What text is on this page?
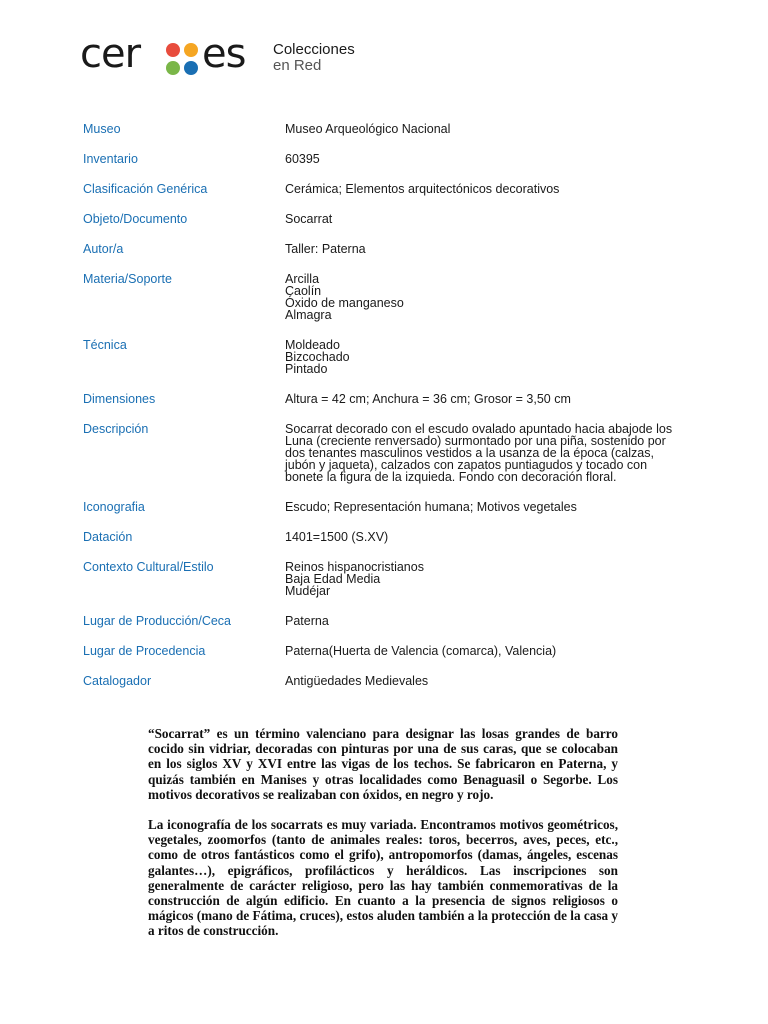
cer es Colecciones
en Red
Museo	Museo Arqueológico Nacional
Inventario	60395
Clasificación Genérica	Cerámica; Elementos arquitectónicos decorativos
Objeto/Documento	Socarrat
Autor/a	Taller: Paterna
Materia/Soporte	Arcilla
Caolín
Óxido de manganeso
Almagra
Técnica	Moldeado
Bizcochado
Pintado
Dimensiones	Altura = 42 cm; Anchura = 36 cm; Grosor = 3,50 cm
Descripción	Socarrat decorado con el escudo ovalado apuntado hacia abajode los
Luna (creciente renversado) surmontado por una piña, sostenido por
dos tenantes masculinos vestidos a la usanza de la época (calzas,
jubón y jaqueta), calzados con zapatos puntiagudos y tocado con
bonete la figura de la izquieda. Fondo con decoración floral.
Iconografia	Escudo; Representación humana; Motivos vegetales
Datación	1401=1500 (S.XV)
Contexto Cultural/Estilo	Reinos hispanocristianos
Baja Edad Media
Mudéjar
Lugar de Producción/Ceca	Paterna
Lugar de Procedencia	Paterna(Huerta de Valencia (comarca), Valencia)
Catalogador	Antigüedades Medievales

“Socarrat” es un término valenciano para designar las losas grandes de barro cocido sin vidriar, decoradas con pinturas por una de sus caras, que se colocaban en los siglos XV y XVI entre las vigas de los techos. Se fabricaron en Paterna, y quizás también en Manises y otras localidades como Benaguasil o Segorbe. Los motivos decorativos se realizaban con óxidos, en negro y rojo.

La iconografía de los socarrats es muy variada. Encontramos motivos geométricos, vegetales, zoomorfos (tanto de animales reales: toros, becerros, aves, peces, etc., como de otros fantásticos como el grifo), antropomorfos (damas, ángeles, escenas galantes…), epigráficos, profilácticos y heráldicos. Las inscripciones son generalmente de carácter religioso, pero las hay también conmemorativas de la construcción de algún edificio. En cuanto a la presencia de signos religiosos o mágicos (mano de Fátima, cruces), estos aluden también a la protección de la casa y a ritos de construcción.
